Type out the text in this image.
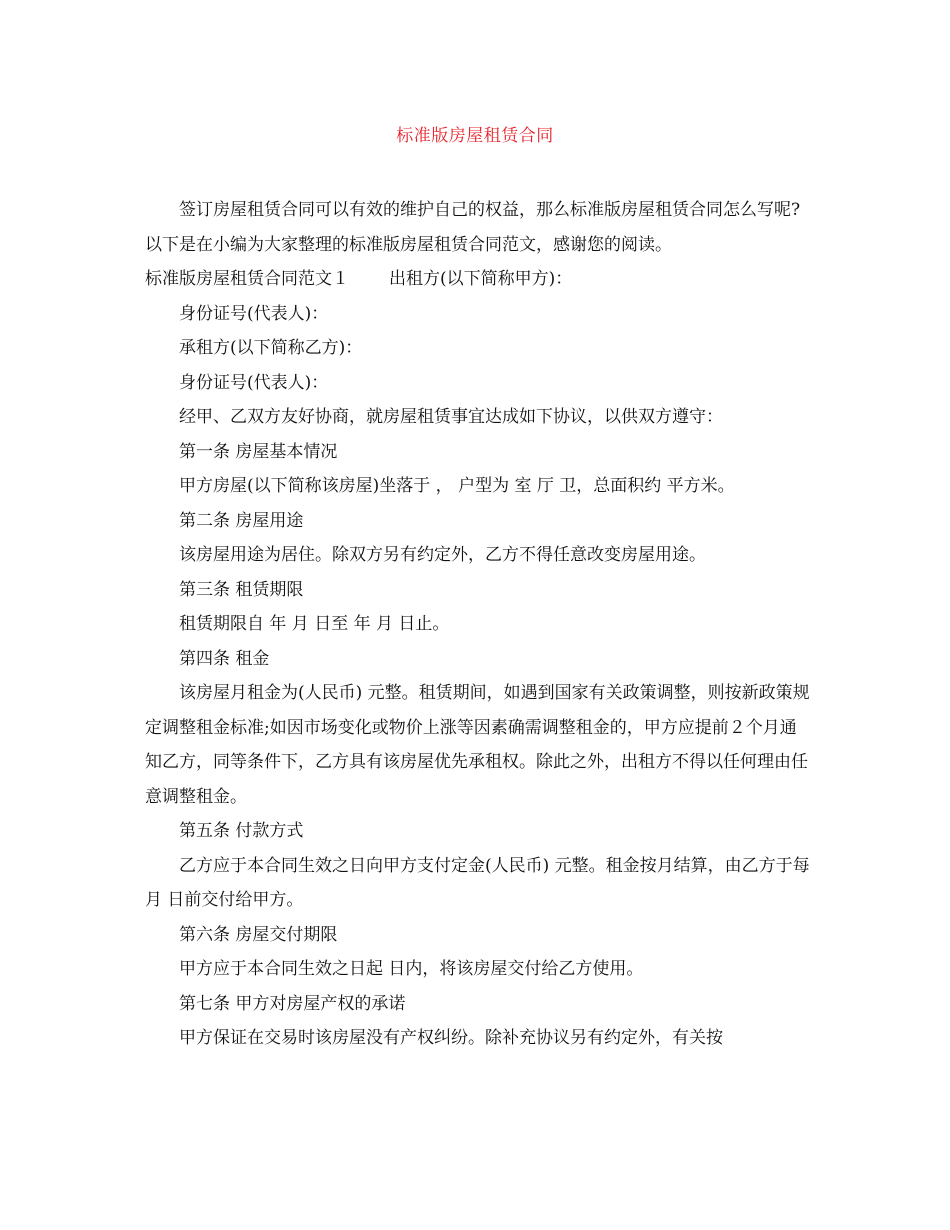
标准版房屋租赁合同

签订房屋租赁合同可以有效的维护自己的权益，那么标准版房屋租赁合同怎么写呢?以下是在小编为大家整理的标准版房屋租赁合同范文，感谢您的阅读。

标准版房屋租赁合同范文１ 出租方(以下简称甲方)：

身份证号(代表人)：

承租方(以下简称乙方)：

身份证号(代表人)：

经甲、乙双方友好协商，就房屋租赁事宜达成如下协议，以供双方遵守：

第一条 房屋基本情况

甲方房屋(以下简称该房屋)坐落于 ， 户型为 室 厅 卫，总面积约 平方米。

第二条 房屋用途

该房屋用途为居住。除双方另有约定外，乙方不得任意改变房屋用途。

第三条 租赁期限

租赁期限自 年 月 日至 年 月 日止。

第四条 租金

该房屋月租金为(人民币) 元整。租赁期间，如遇到国家有关政策调整，则按新政策规定调整租金标准;如因市场变化或物价上涨等因素确需调整租金的，甲方应提前２个月通知乙方，同等条件下，乙方具有该房屋优先承租权。除此之外，出租方不得以任何理由任意调整租金。

第五条 付款方式

乙方应于本合同生效之日向甲方支付定金(人民币) 元整。租金按月结算，由乙方于每月 日前交付给甲方。

第六条 房屋交付期限

甲方应于本合同生效之日起 日内，将该房屋交付给乙方使用。

第七条 甲方对房屋产权的承诺

甲方保证在交易时该房屋没有产权纠纷。除补充协议另有约定外，有关按
